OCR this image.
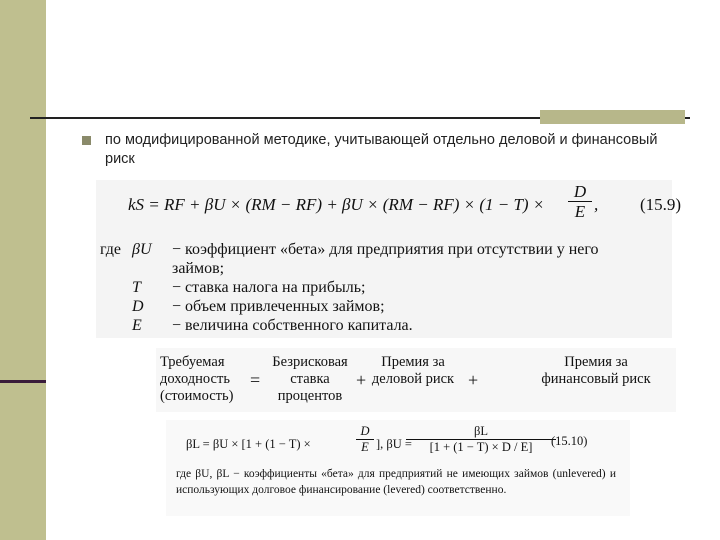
по модифицированной методике, учитывающей отдельно деловой и финансовый риск
kS = RF + βU × (RM − RF) + βU × (RM − RF) × (1 − T) ×	$\frac{D}{E}$ , (15.9)
где βU	− коэффициент «бета» для предприятия при отсутствии у него
займов;
T	− ставка налога на прибыль;
D	− объем привлеченных займов;
E	− величина собственного капитала.
Требуемая доходность (стоимость)
=
Безрисковая ставка процентов
+
Премия за деловой риск +
Премия за финансовый риск
βL = βU × [1 + (1 − T) ×	$\frac{D}{E}$ ], βU =
$\frac{\beta L}{[1 + (1 - T) \times D / E]}$
(15.10)
где βU, βL − коэффициенты «бета» для предприятий не имеющих займов (unlevered) и использующих долговое финансирование (levered) соответственно.
